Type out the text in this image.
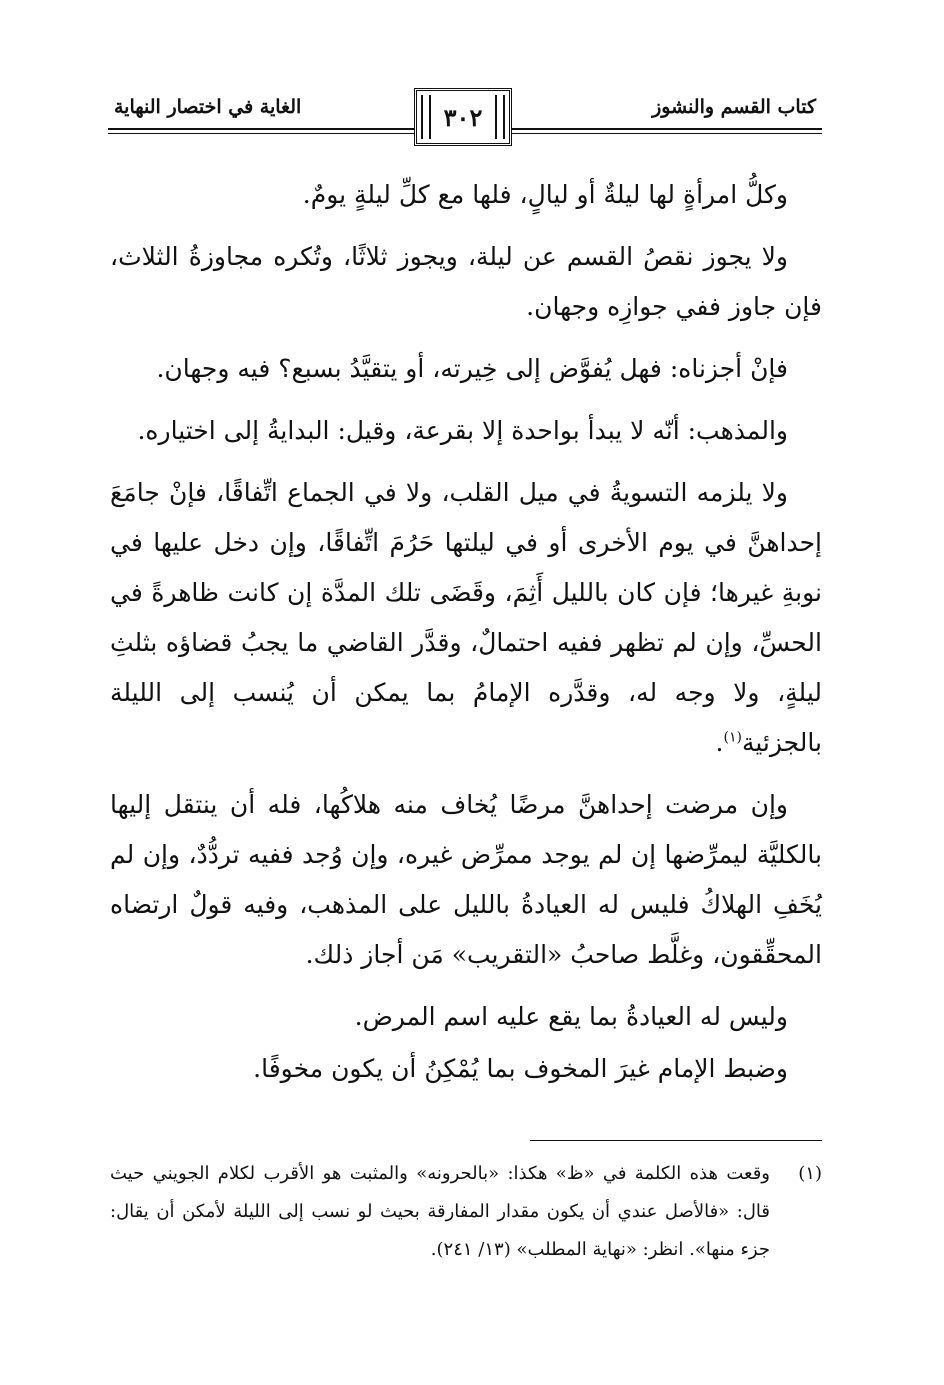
كتاب القسم والنشوز
الغاية في اختصار النهاية	٣٠٢

وكلُّ امرأةٍ لها ليلةٌ أو ليالٍ، فلها مع كلِّ ليلةٍ يومٌ.

ولا يجوز نقصُ القسم عن ليلة، ويجوز ثلاثًا، وتُكره مجاوزةُ الثلاث، فإن جاوز ففي جوازِه وجهان.

فإنْ أجزناه: فهل يُفوَّض إلى خِيرته، أو يتقيَّدُ بسبع؟ فيه وجهان.

والمذهب: أنّه لا يبدأ بواحدة إلا بقرعة، وقيل: البدايةُ إلى اختياره.

ولا يلزمه التسويةُ في ميل القلب، ولا في الجماع اتِّفاقًا، فإنْ جامَعَ إحداهنَّ في يوم الأخرى أو في ليلتها حَرُمَ اتِّفاقًا، وإن دخل عليها في نوبةِ غيرها؛ فإن كان بالليل أَثِمَ، وقَضَى تلك المدَّة إن كانت ظاهرةً في الحسِّ، وإن لم تظهر ففيه احتمالٌ، وقدَّر القاضي ما يجبُ قضاؤه بثلثِ ليلةٍ، ولا وجه له، وقدَّره الإمامُ بما يمكن أن يُنسب إلى الليلة بالجزئية$^{(١)}$.

وإن مرضت إحداهنَّ مرضًا يُخاف منه هلاكُها، فله أن ينتقل إليها بالكليَّة ليمرِّضها إن لم يوجد ممرِّض غيره، وإن وُجد ففيه تردُّدٌ، وإن لم يُخَفِ الهلاكُ فليس له العيادةُ بالليل على المذهب، وفيه قولٌ ارتضاه المحقِّقون، وغلَّط صاحبُ «التقريب» مَن أجاز ذلك.

وليس له العيادةُ بما يقع عليه اسم المرض.

وضبط الإمام غيرَ المخوف بما يُمْكِنُ أن يكون مخوفًا.

(١)
وقعت هذه الكلمة في «ظ» هكذا: «بالحرونه» والمثبت هو الأقرب لكلام الجويني حيث قال: «فالأصل عندي أن يكون مقدار المفارقة بحيث لو نسب إلى الليلة لأمكن أن يقال: جزء منها». انظر: «نهاية المطلب» (١٣/ ٢٤١).
